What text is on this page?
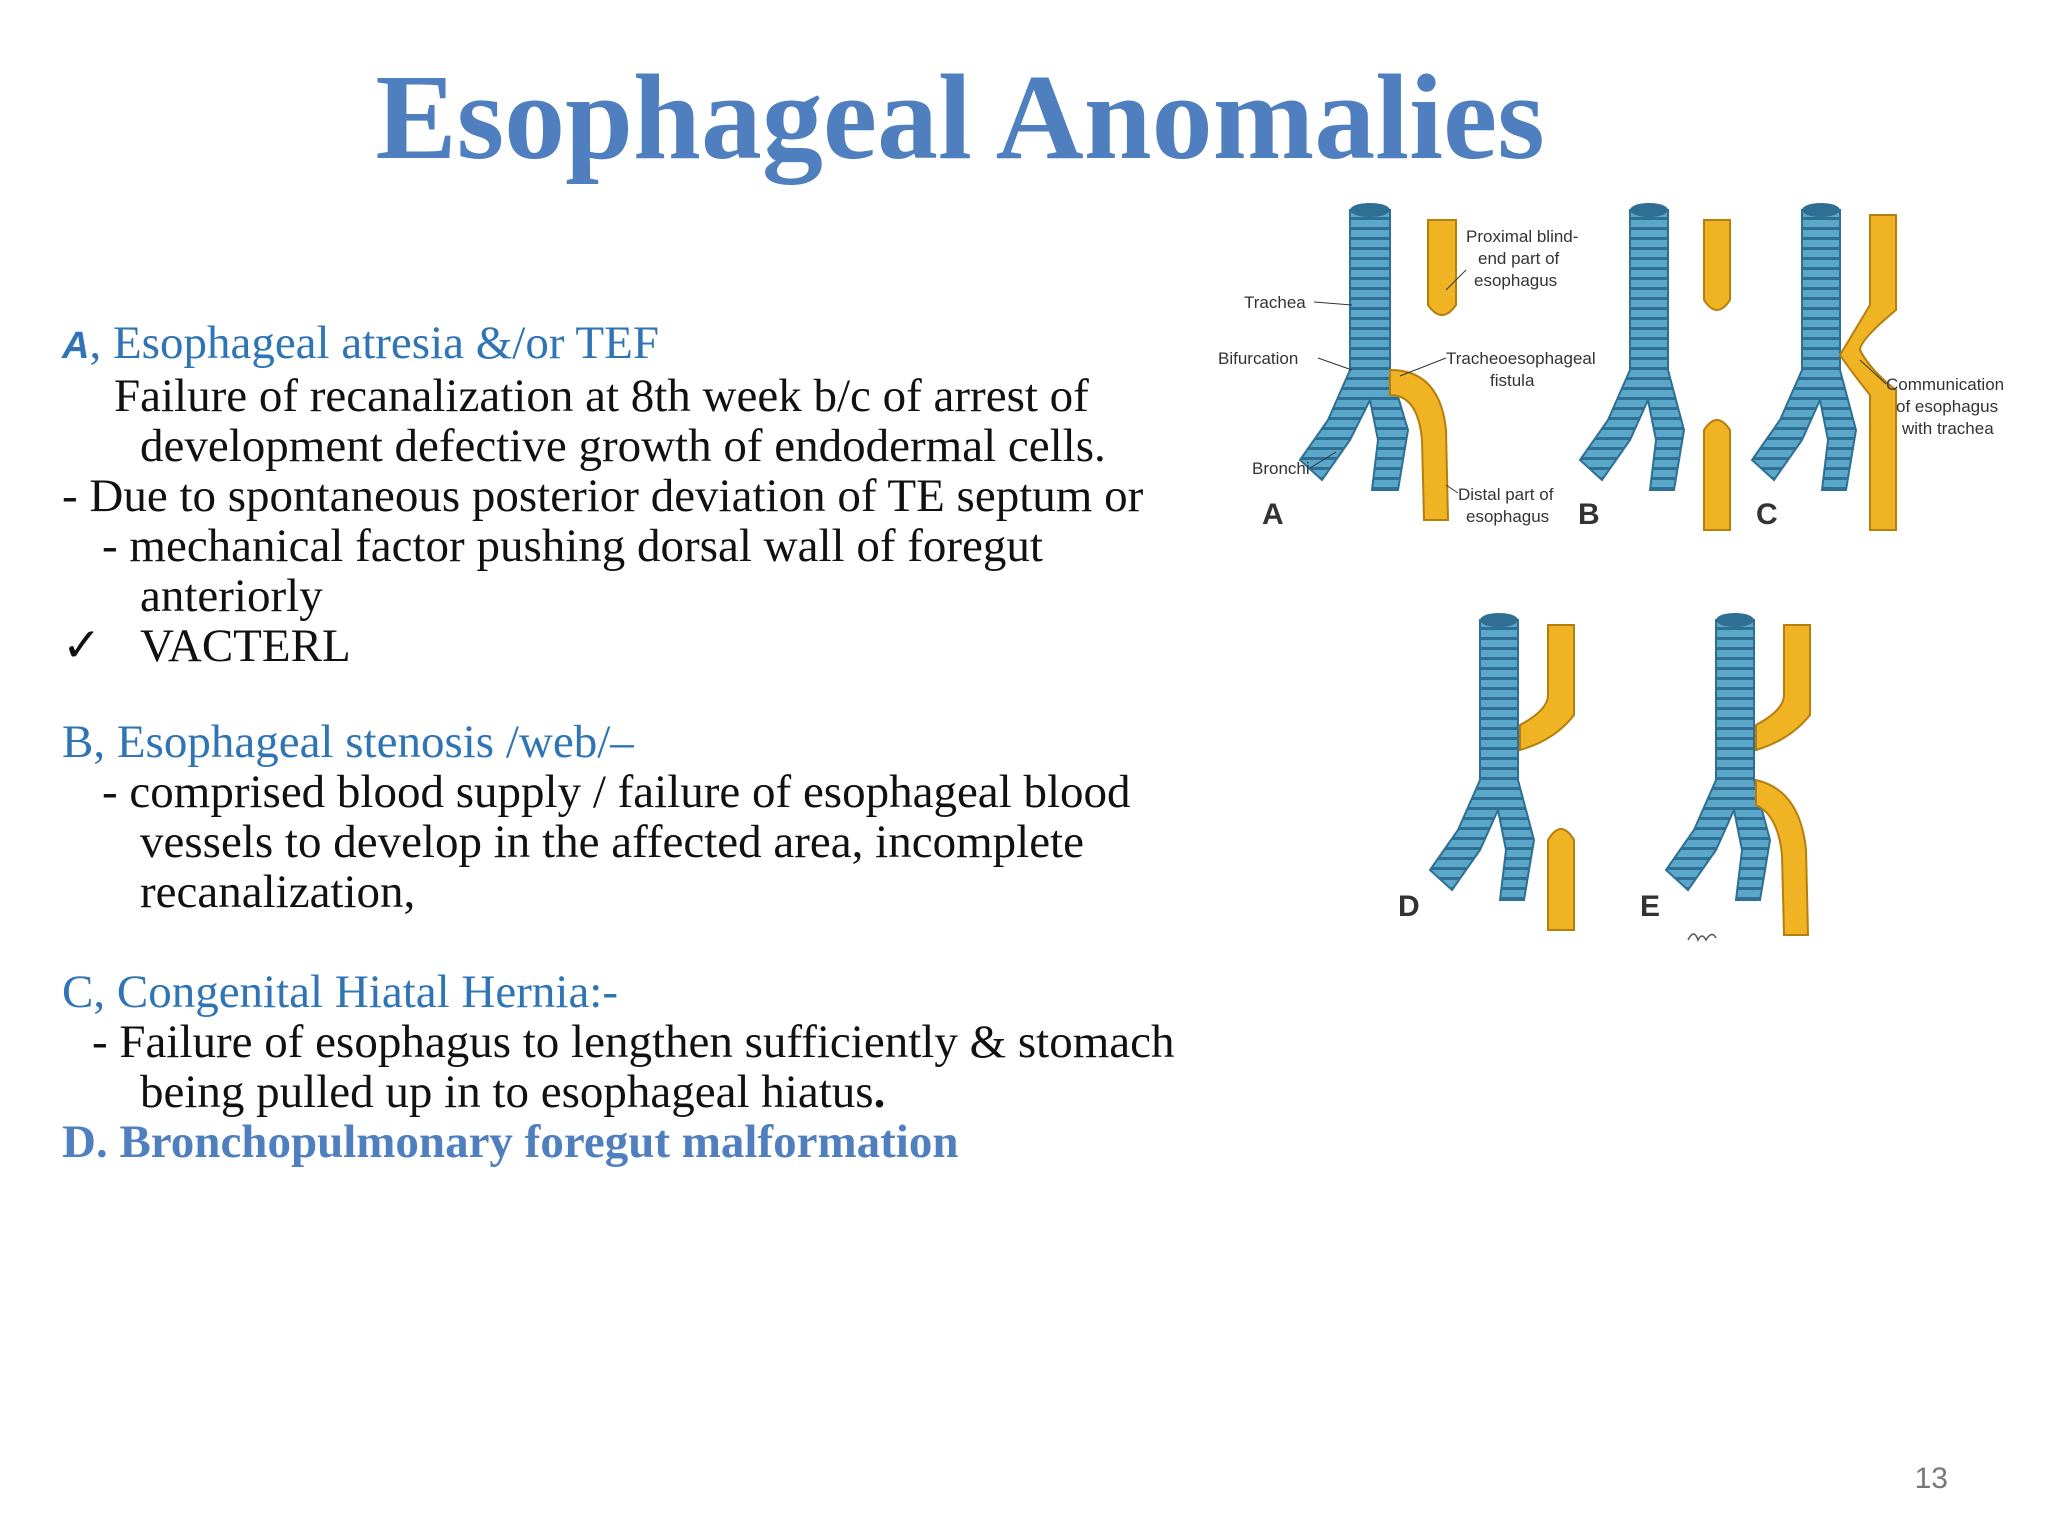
Esophageal Anomalies

A, Esophageal atresia &/or TEF

Failure of recanalization at 8th week b/c of arrest of development defective growth of endodermal cells.

- Due to spontaneous posterior deviation of TE septum or

- mechanical factor pushing dorsal wall of foregut anteriorly

✓ VACTERL

B, Esophageal stenosis /web/–

- comprised blood supply / failure of esophageal blood vessels to develop in the affected area, incomplete recanalization,

C, Congenital Hiatal Hernia:-

- Failure of esophagus to lengthen sufficiently & stomach being pulled up in to esophageal hiatus.

D. Bronchopulmonary foregut malformation

Trachea
Bifurcation
Bronchi
Proximal blind-
end part of
esophagus
Tracheoesophageal
fistula
Distal part of
esophagus
A	B
Communication
of esophagus
with trachea
C
D	E
13
